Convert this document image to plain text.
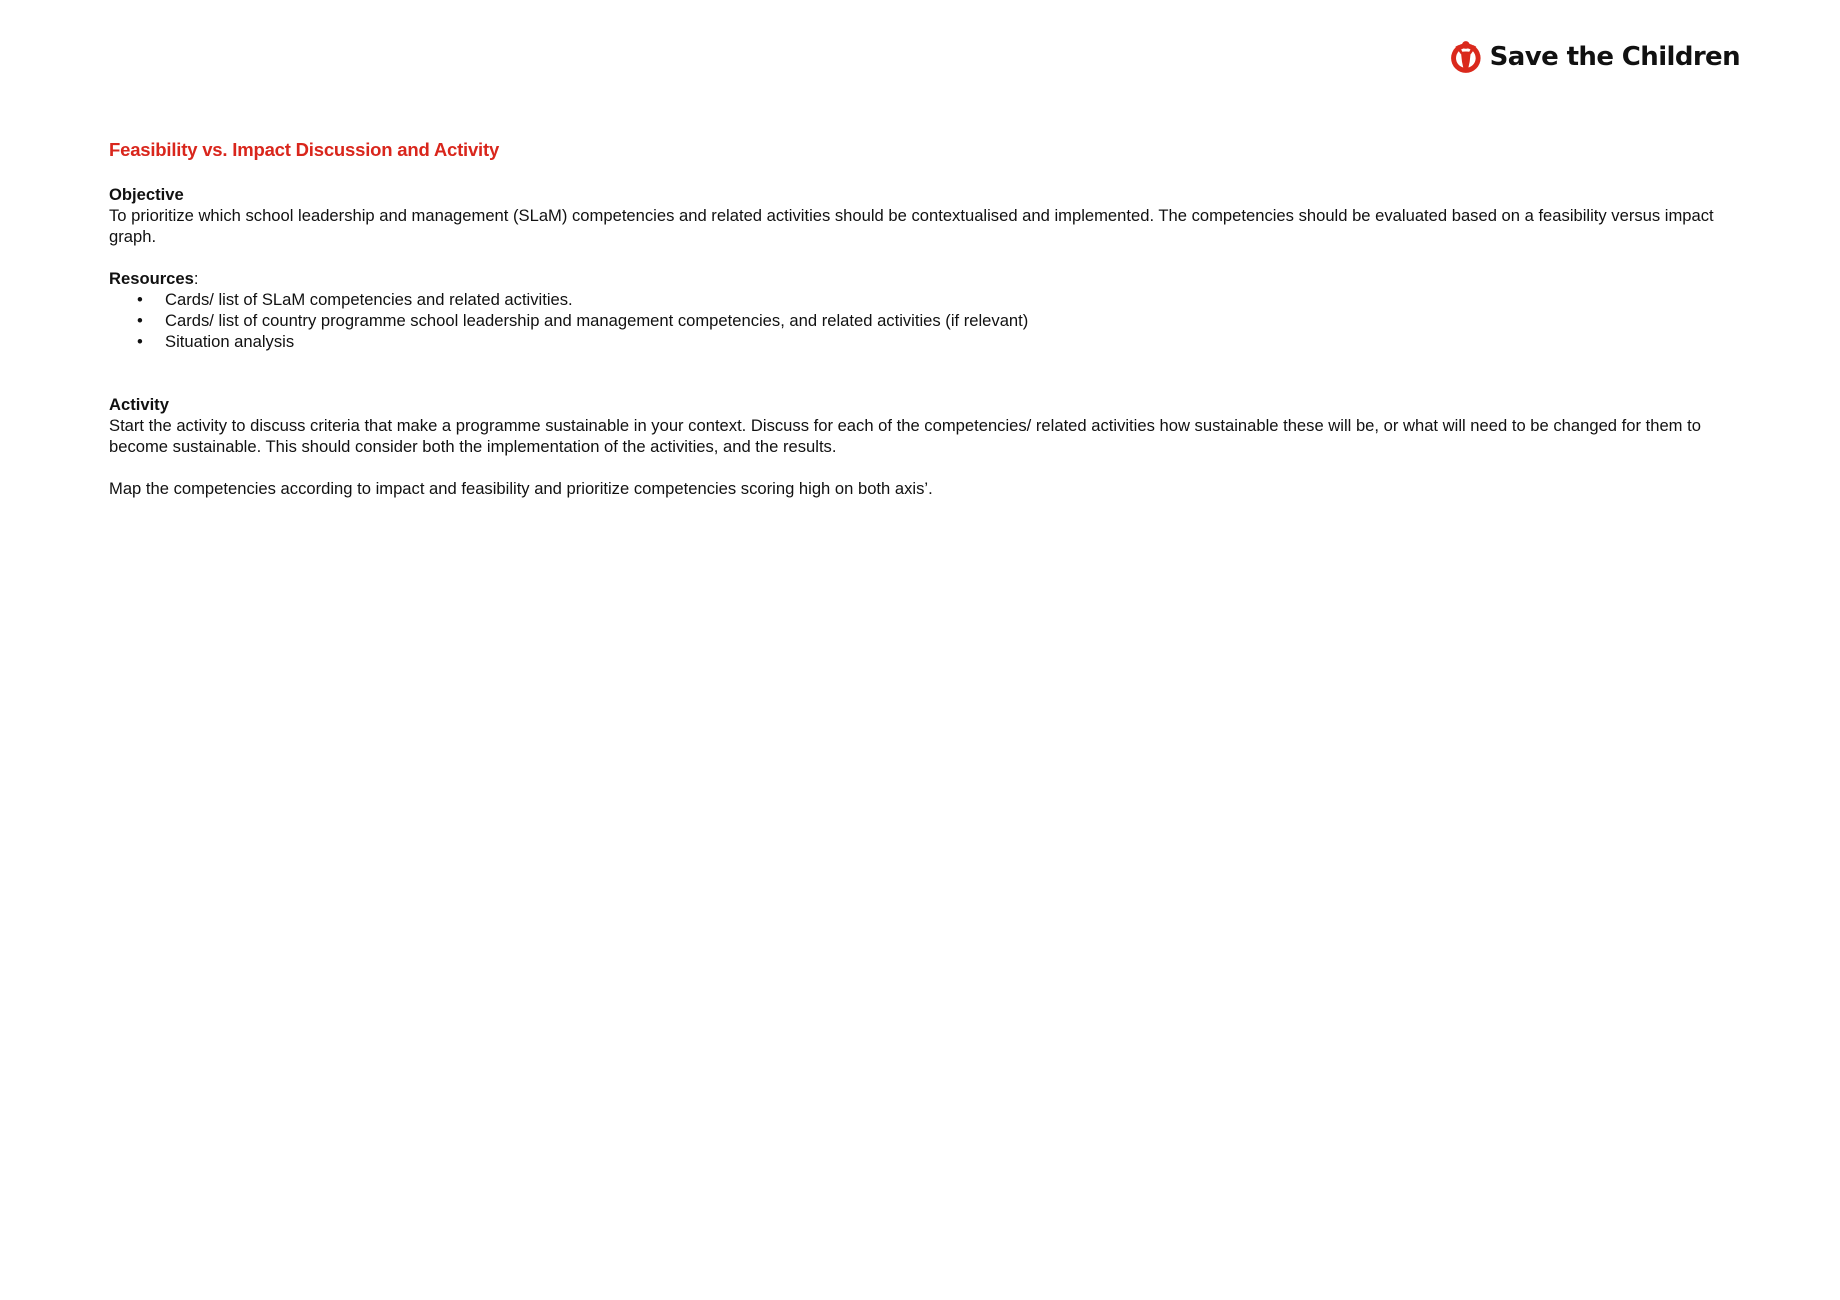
Save the Children

Feasibility vs. Impact Discussion and Activity

Objective

To prioritize which school leadership and management (SLaM) competencies and related activities should be contextualised and implemented. The competencies should be evaluated based on a feasibility versus impact graph.

Resources:

• Cards/ list of SLaM competencies and related activities.
• Cards/ list of country programme school leadership and management competencies, and related activities (if relevant)
• Situation analysis

Activity

Start the activity to discuss criteria that make a programme sustainable in your context. Discuss for each of the competencies/ related activities how sustainable these will be, or what will need to be changed for them to become sustainable. This should consider both the implementation of the activities, and the results.

Map the competencies according to impact and feasibility and prioritize competencies scoring high on both axis’.
